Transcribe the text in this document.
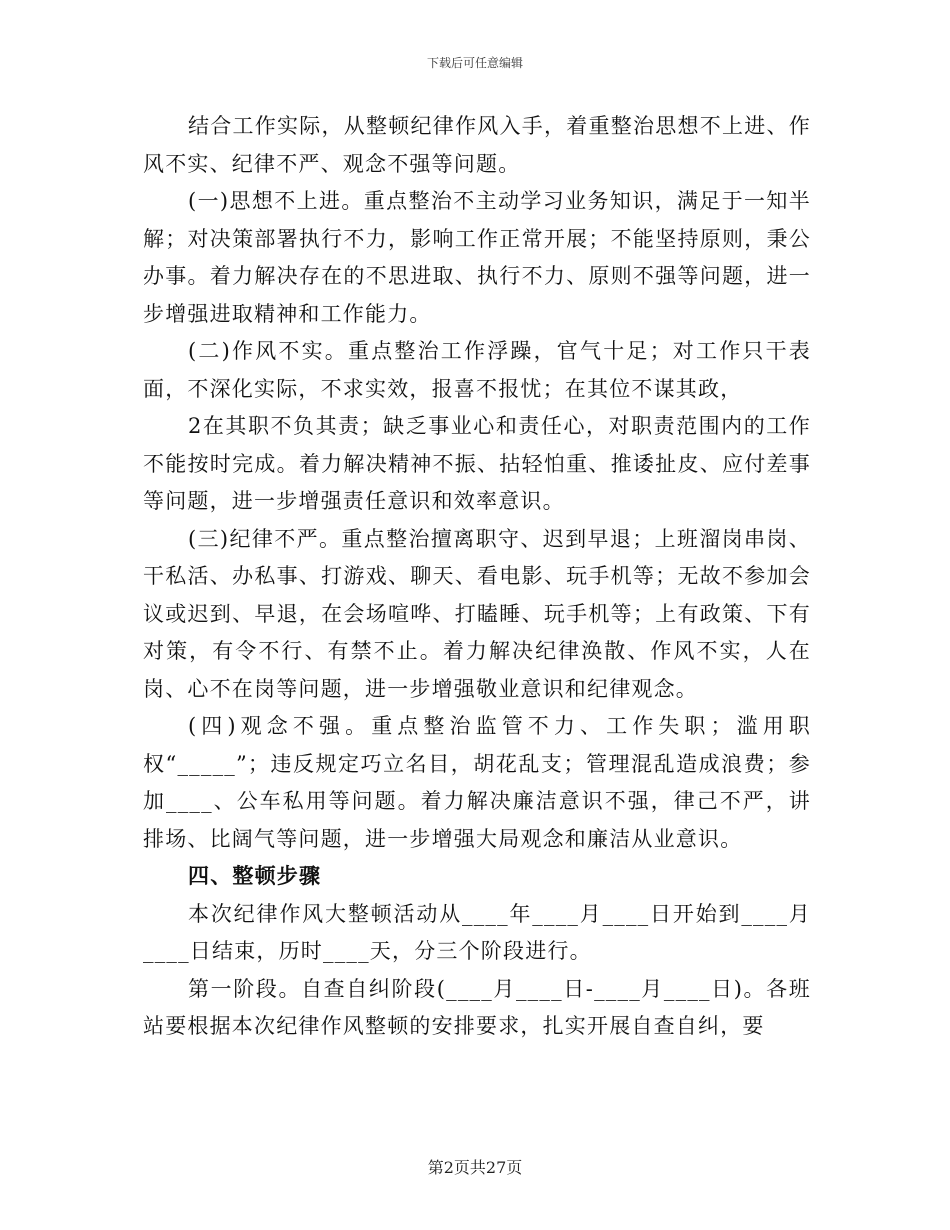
下载后可任意编辑

结合工作实际，从整顿纪律作风入手，着重整治思想不上进、作风不实、纪律不严、观念不强等问题。

(一)思想不上进。重点整治不主动学习业务知识，满足于一知半解；对决策部署执行不力，影响工作正常开展；不能坚持原则，秉公办事。着力解决存在的不思进取、执行不力、原则不强等问题，进一步增强进取精神和工作能力。

(二)作风不实。重点整治工作浮躁，官气十足；对工作只干表面，不深化实际，不求实效，报喜不报忧；在其位不谋其政，

2在其职不负其责；缺乏事业心和责任心，对职责范围内的工作不能按时完成。着力解决精神不振、拈轻怕重、推诿扯皮、应付差事等问题，进一步增强责任意识和效率意识。

(三)纪律不严。重点整治擅离职守、迟到早退；上班溜岗串岗、干私活、办私事、打游戏、聊天、看电影、玩手机等；无故不参加会议或迟到、早退，在会场喧哗、打瞌睡、玩手机等；上有政策、下有对策，有令不行、有禁不止。着力解决纪律涣散、作风不实，人在岗、心不在岗等问题，进一步增强敬业意识和纪律观念。

(四)观念不强。重点整治监管不力、工作失职；滥用职权“_____”；违反规定巧立名目，胡花乱支；管理混乱造成浪费；参加____、公车私用等问题。着力解决廉洁意识不强，律己不严，讲排场、比阔气等问题，进一步增强大局观念和廉洁从业意识。

四、整顿步骤

本次纪律作风大整顿活动从____年____月____日开始到____月____日结束，历时____天，分三个阶段进行。

第一阶段。自查自纠阶段(____月____日-____月____日)。各班站要根据本次纪律作风整顿的安排要求，扎实开展自查自纠，要

第2页共27页
